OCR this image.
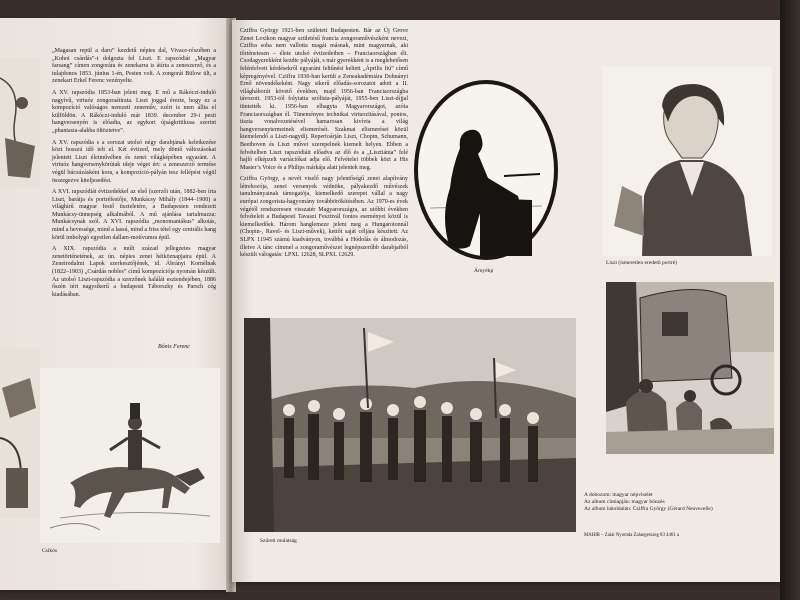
„Magasan repül a daru” kezdetű népies dal, Vivace-részében a „Kohoi csárdás”-t dolgozta fel Liszt. E rapszódiát „Magyar farsang” címen zongorára és zenekarra is átírta a zeneszerző, és a tulajdonos 1853. június 1-én, Pesten volt. A zongorát Bülow ült, a zenekart Erkel Ferenc vezényelte.

A XV. rapszódia 1853-ban jelent meg. E mű a Rákóczi-induló nagyívű, virtuóz zongoraátirata. Liszt joggal érezte, hogy ez a kompozíció valóságos nemzeti zeneműv, ezért is nem állta el külföldön. A Rákóczi-induló már 1839. december 29-i pesti hangversenyén is előadta, az egykori újságkritikusa szerint „phantasia-alakba öltöztetve”.

A XV. rapszódia s a sorozat utolsó négy darabjának keletkezése közt hosszú idő telt el. Két évtized, mely döntő változásokat jelentett Liszt életművében és zenei világképében egyaránt. A virtuóz hangversenykörútak ideje véget ért: a zeneszerző termése végül búcsúzásként kora, a kompozíció-pályán tesz fellépést végül összegezve kiteljesedést.

A XVI. rapszódiát évtizedekkel az első (szerzői után, 1882-ben írta Liszt, barátja és portréfestője, Munkácsy Mihály (1844–1900) a világhírű magyar festő tiszteletére, a Budapesten rendezett Munkácsy-ünnepség alkalmából. A mű ajánlása tartalmazza: Munkácsynak szól. A XVI. rapszódia „monomaniákus” alkotás, mind a hevessége, mind a lassú, mind a friss tétel egy centrális hang körül imbolygó egyetlen dallam-motívumra épül.

A XIX. rapszódia a múlt század jellegzetes magyar zenetörténetének, az ún. népies zenei hétköznapjaira épül. A Zeneirodalmi Lapok szerkesztőjének, id. Ábrányi Kornélnak (1822–1903) „Csárdás nobles” című kompozíciója nyomán készült. Az utolsó Liszt-rapszódia a szerzőnek halálát esztendejében, 1886 őszén tért nagysikerű a budapesti Táborszky és Parsch cég kiadásában.

Bónis Ferenc
Csikós

Cziffra György 1921-ben született Budapesten. Bár az Új Grove Zenei Lexikon magyar születésű francia zongoraművészként nevezi, Cziffra soha nem vallotta magát másnak, mint magyarnak, aki tőrténetesen – élete utolsó évtizedeiben – Franciaországban élt. Csodagyerekként kezdte pályáját, s már gyerekként is a meglehetősen felénfelvett kérdésekről egyaránt feltűnést keltett „Április fiú” című képregényével. Cziffra 1930-ban került a Zeneakadémiára Dohnányi Ernő növendékeként. Nagy sikerű előadás-sorozatot adott a II. világháborút követő években, majd 1956-ban Franciaországba távozott. 1953-tól folytatta szólista-pályáját, 1955-ben Liszt-díjjal tüntették ki. 1956-ban elhagyta Magyarországot, azóta Franciaországban él. Tüneményes technikai virtuozitásával, pontos, tiszta vonalvezetésével hamarosan kivívta a világ hangversenytermeinek elismerését. Szakmai elismerései közül kiemelendő a Liszt-nagydíj. Repertoárján Liszt, Chopin, Schumann, Beethoven és Liszt művei szerepelnek kiemelt helyen. Ebben a felvételben Liszt rapszódiáit előadva az élő és a „Lisztiánia” felé hajló elképzelt variációkat adja elő. Felvételei többek közt a His Master’s Voice és a Philips márkája alatt jelentek meg.

Cziffra György, a nevét viselő nagy jelentőségű zenei alapítvány létrehozója, zenei versenyek védnöke, pályakezdő művészek tanulmányainak támogatója, kiemelkedő szerepet vállal a nagy európai zongorista-hagyomány továbbörökítésében. Az 1970-es évek végétől rendszeresen visszatér Magyarországra, az utóbbi években felvételeit a Budapesti Tavaszi Fesztivál fontos eseményei közül is kiemelkedőek. Három hanglemeze jelent meg a Hungarotonnál (Chopin-, Ravel- és Liszt-művek), kettőt saját céljára készített. Az SLPX 11945 számú kiadványon, továbbá a Hódolás és álmodozás, illetve A tánc címmel a zongoraművészet legnépszerűbb darabjaiból készült válogatás: LPXL 12628, SLPXL 12629.

Árnyékp
Liszt (ismeretlen eredetű portré)
Szüreti mulatság
A dobozom: magyar népviselet
Az album címlapján: magyar bönzés
Az album hátoldalán: Cziffra György (Gérard Neuvecelle)
MAHIR – Zalai Nyomda Zalaegerszeg 83 4461 a
